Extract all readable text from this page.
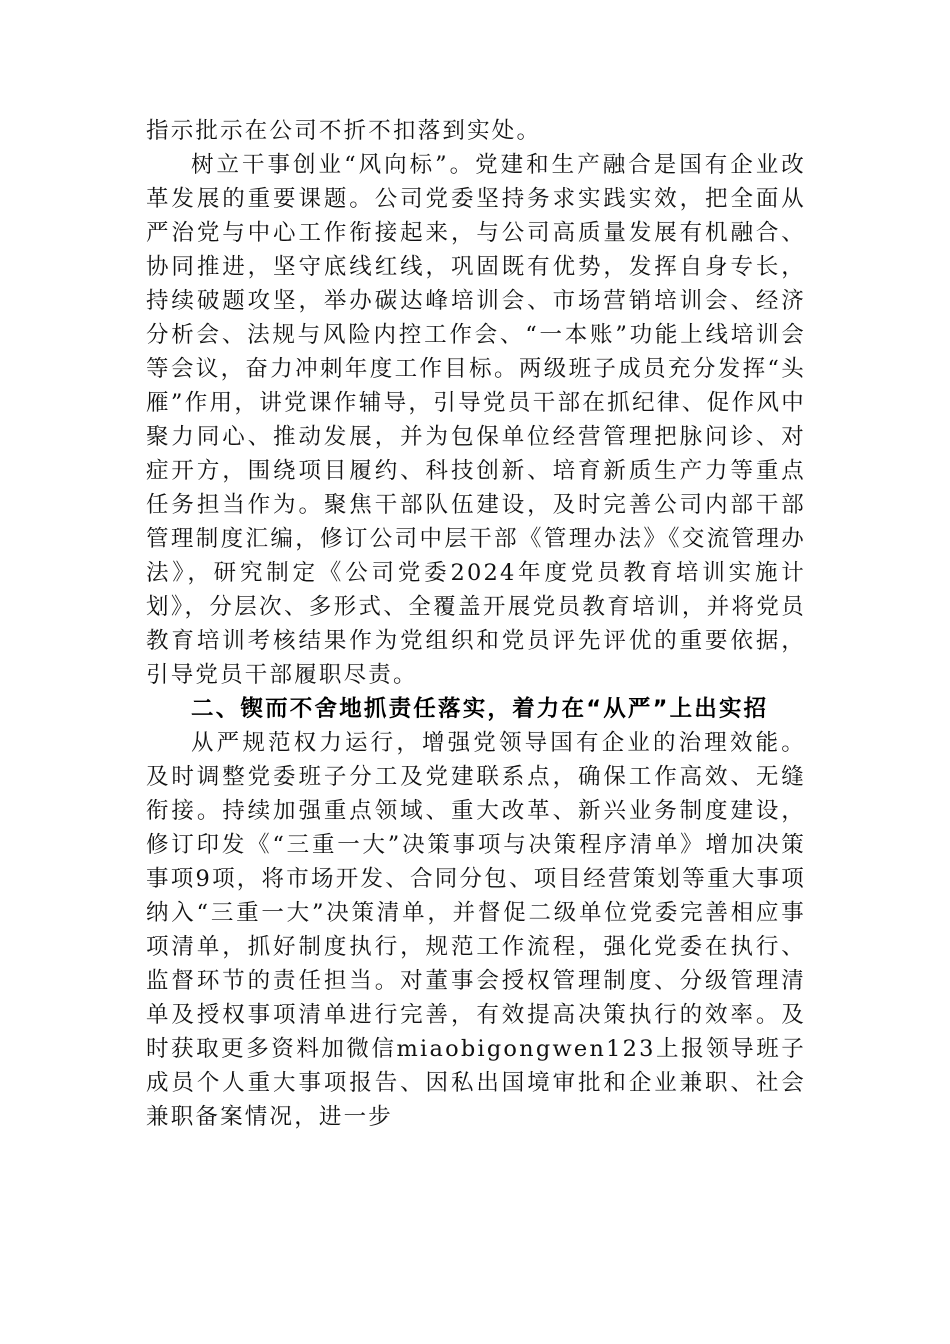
指示批示在公司不折不扣落到实处。

树立干事创业“风向标”。党建和生产融合是国有企业改革发展的重要课题。公司党委坚持务求实践实效，把全面从严治党与中心工作衔接起来，与公司高质量发展有机融合、协同推进，坚守底线红线，巩固既有优势，发挥自身专长，持续破题攻坚，举办碳达峰培训会、市场营销培训会、经济分析会、法规与风险内控工作会、“一本账”功能上线培训会等会议，奋力冲刺年度工作目标。两级班子成员充分发挥“头雁”作用，讲党课作辅导，引导党员干部在抓纪律、促作风中聚力同心、推动发展，并为包保单位经营管理把脉问诊、对症开方，围绕项目履约、科技创新、培育新质生产力等重点任务担当作为。聚焦干部队伍建设，及时完善公司内部干部管理制度汇编，修订公司中层干部《管理办法》《交流管理办法》，研究制定《公司党委2024年度党员教育培训实施计划》，分层次、多形式、全覆盖开展党员教育培训，并将党员教育培训考核结果作为党组织和党员评先评优的重要依据，引导党员干部履职尽责。

二、锲而不舍地抓责任落实，着力在“从严”上出实招

从严规范权力运行，增强党领导国有企业的治理效能。及时调整党委班子分工及党建联系点，确保工作高效、无缝衔接。持续加强重点领域、重大改革、新兴业务制度建设，修订印发《“三重一大”决策事项与决策程序清单》增加决策事项9项，将市场开发、合同分包、项目经营策划等重大事项纳入“三重一大”决策清单，并督促二级单位党委完善相应事项清单，抓好制度执行，规范工作流程，强化党委在执行、监督环节的责任担当。对董事会授权管理制度、分级管理清单及授权事项清单进行完善，有效提高决策执行的效率。及时获取更多资料加微信miaobigongwen123上报领导班子成员个人重大事项报告、因私出国境审批和企业兼职、社会兼职备案情况，进一步
